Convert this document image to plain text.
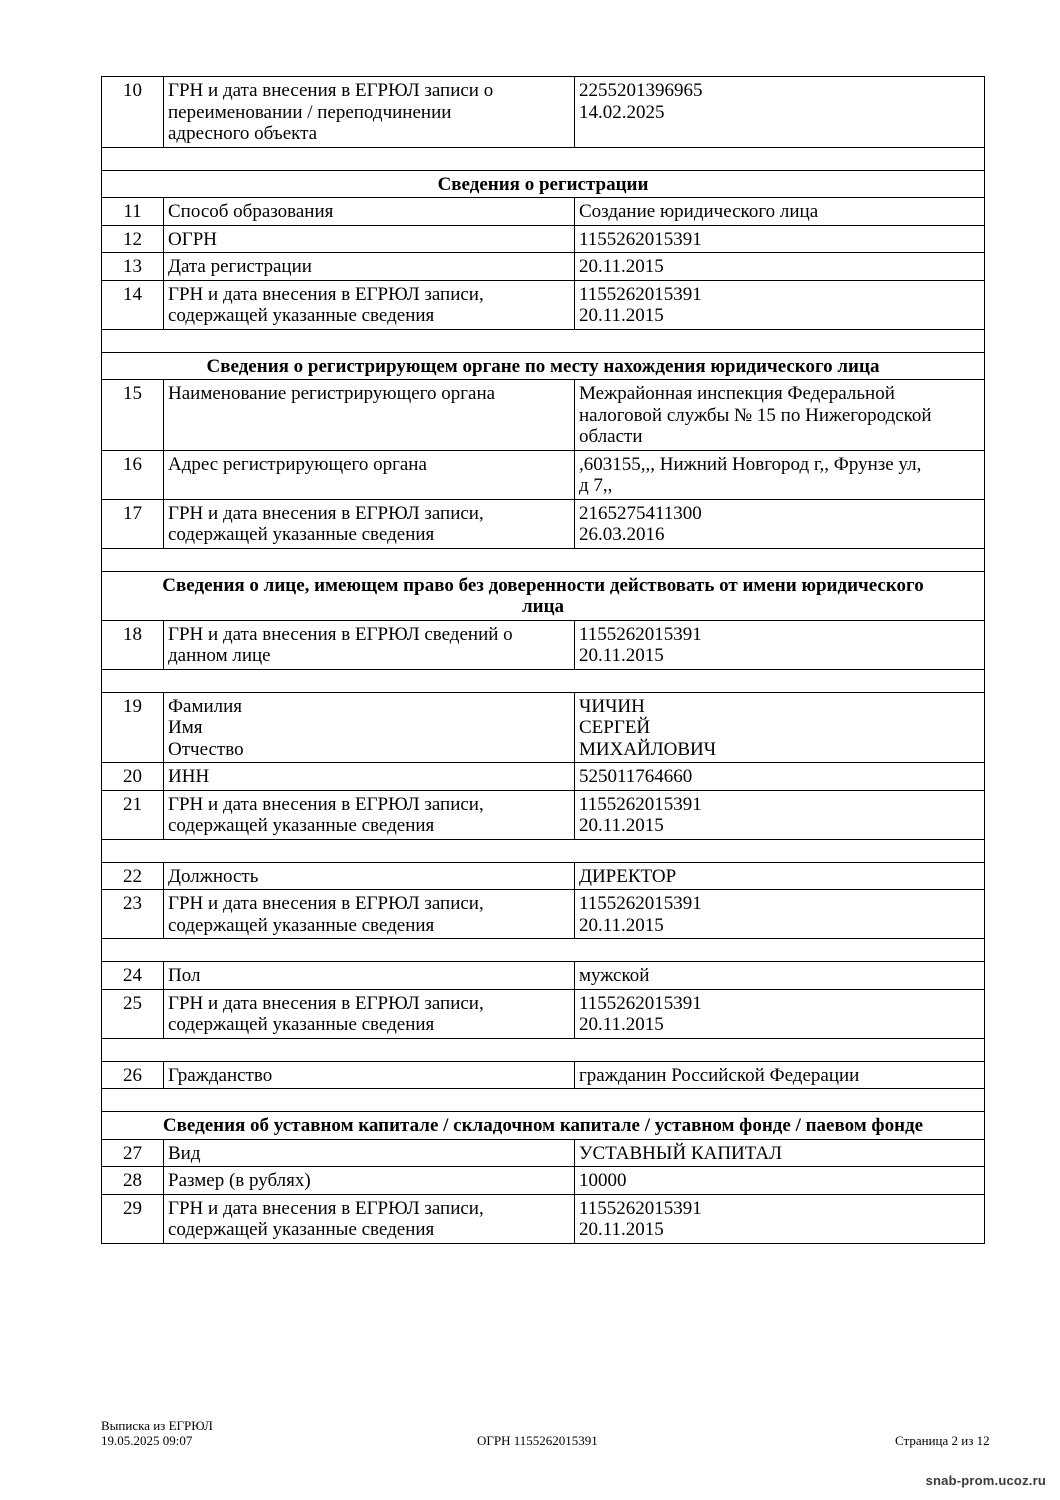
10	ГРН и дата внесения в ЕГРЮЛ записи о
переименовании / переподчинении
адресного объекта	2255201396965
14.02.2025

Сведения о регистрации		
11	Способ образования	Создание юридического лица
12	ОГРН	1155262015391
13	Дата регистрации	20.11.2015
14	ГРН и дата внесения в ЕГРЮЛ записи,
содержащей указанные сведения	1155262015391
20.11.2015

Сведения о регистрирующем органе по месту нахождения юридического лица		
15	Наименование регистрирующего органа	Межрайонная инспекция Федеральной
налоговой службы № 15 по Нижегородской
области
16	Адрес регистрирующего органа	,603155,,, Нижний Новгород г,, Фрунзе ул,
д 7,,
17	ГРН и дата внесения в ЕГРЮЛ записи,
содержащей указанные сведения	2165275411300
26.03.2016

Сведения о лице, имеющем право без доверенности действовать от имени юридического
лица		
18	ГРН и дата внесения в ЕГРЮЛ сведений о
данном лице	1155262015391
20.11.2015

19	Фамилия
Имя
Отчество	ЧИЧИН
СЕРГЕЙ
МИХАЙЛОВИЧ
20	ИНН	525011764660
21	ГРН и дата внесения в ЕГРЮЛ записи,
содержащей указанные сведения	1155262015391
20.11.2015

22	Должность	ДИРЕКТОР
23	ГРН и дата внесения в ЕГРЮЛ записи,
содержащей указанные сведения	1155262015391
20.11.2015

24	Пол	мужской
25	ГРН и дата внесения в ЕГРЮЛ записи,
содержащей указанные сведения	1155262015391
20.11.2015

26	Гражданство	гражданин Российской Федерации

Сведения об уставном капитале / складочном капитале / уставном фонде / паевом фонде		
27	Вид	УСТАВНЫЙ КАПИТАЛ
28	Размер (в рублях)	10000
29	ГРН и дата внесения в ЕГРЮЛ записи,
содержащей указанные сведения	1155262015391
20.11.2015
Выписка из ЕГРЮЛ
19.05.2025 09:07	ОГРН 1155262015391	Страница 2 из 12
snab-prom.ucoz.ru
